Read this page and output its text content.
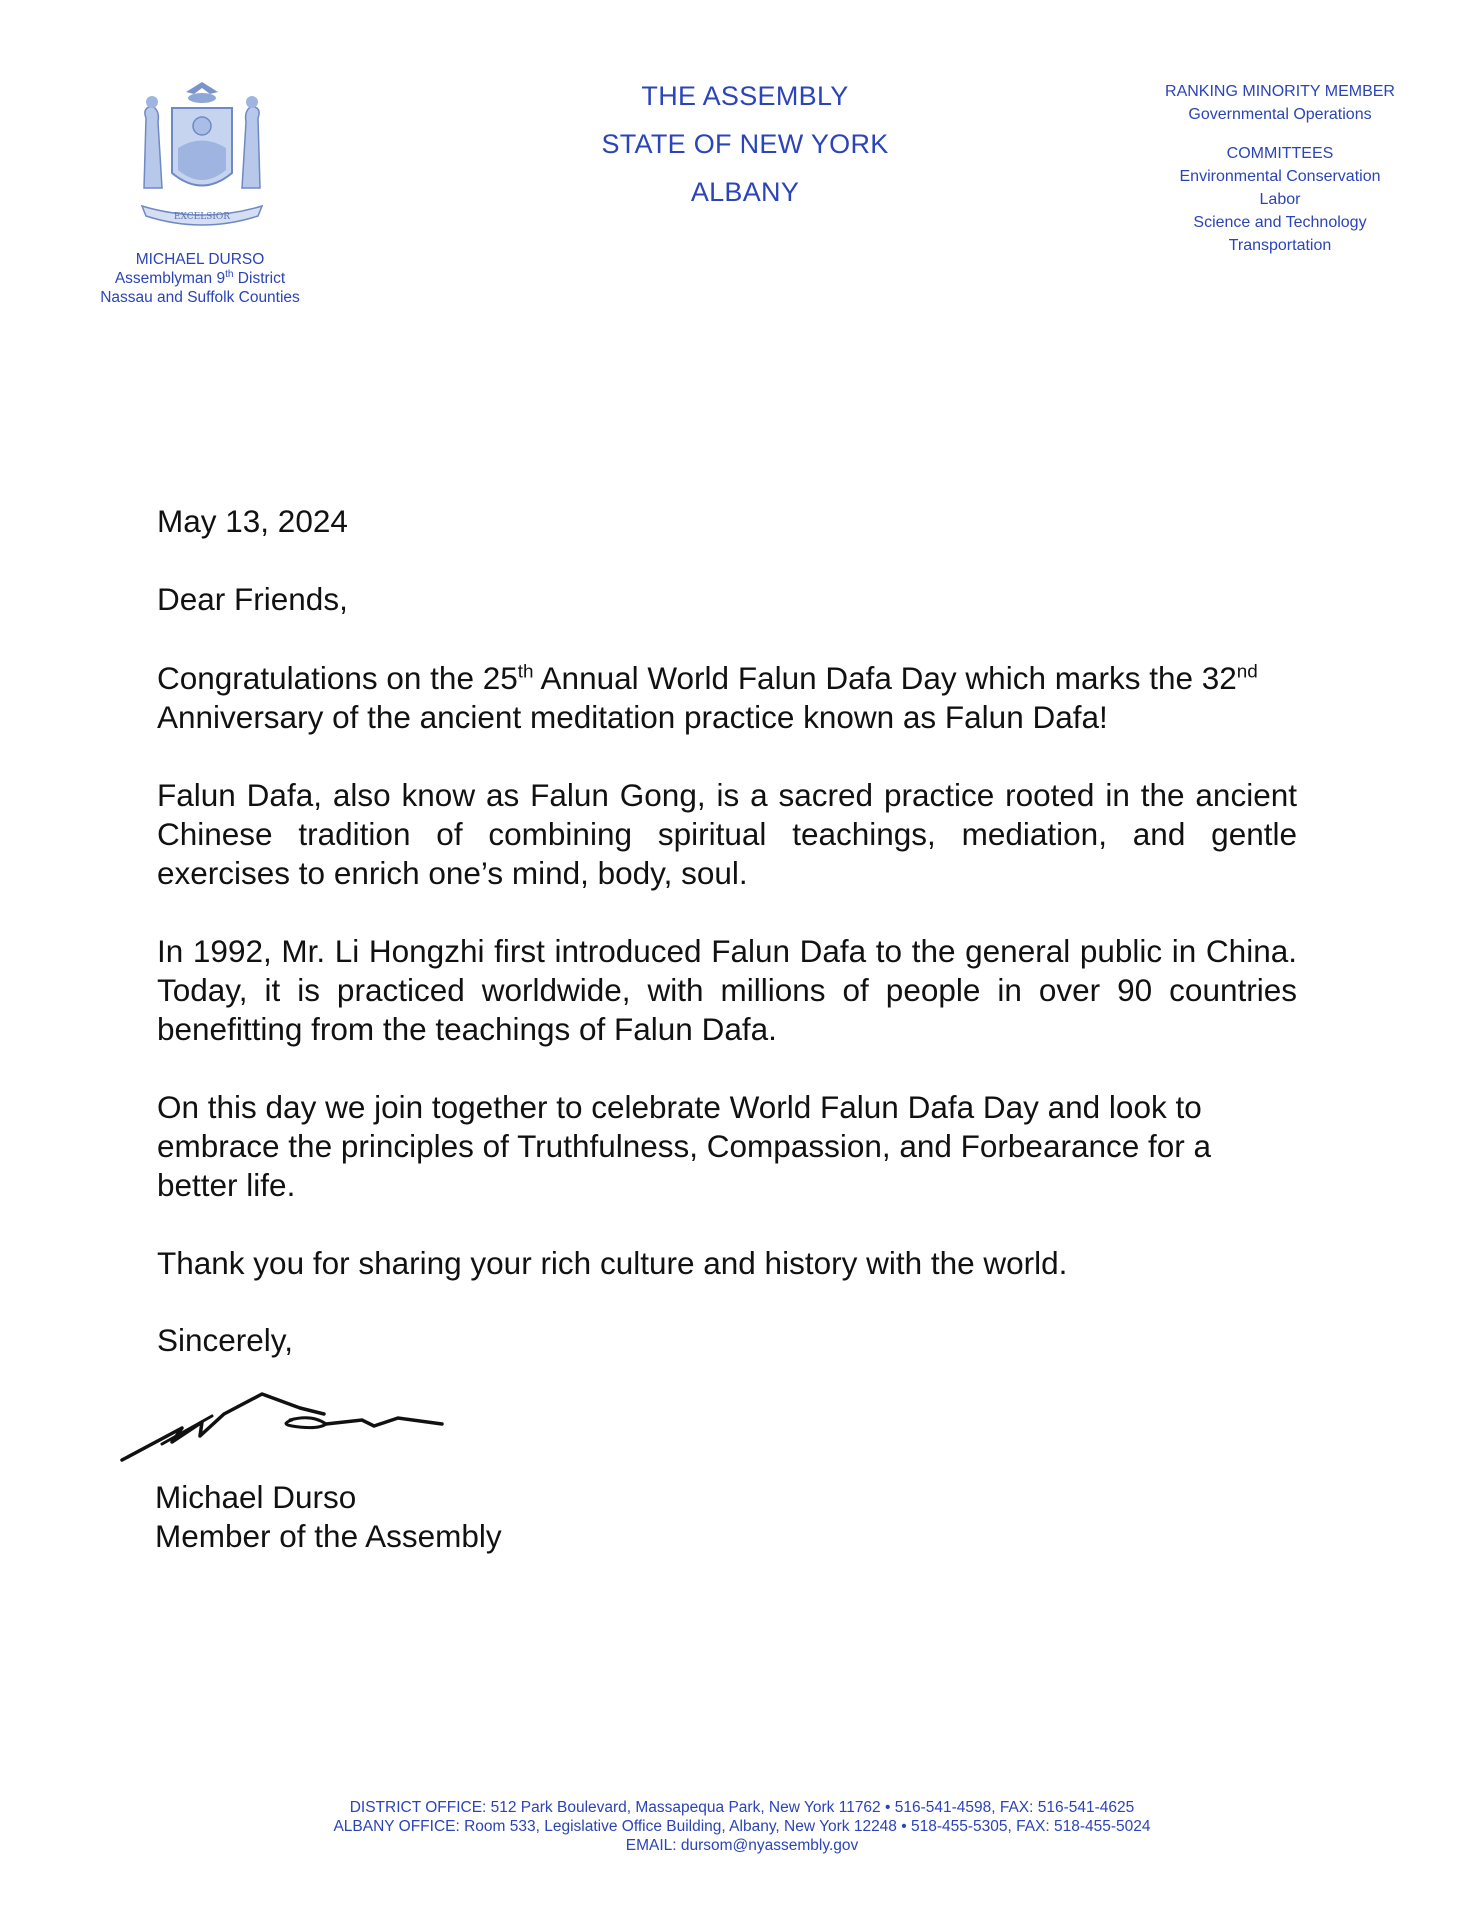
EXCELSIOR
MICHAEL DURSO
Assemblyman 9th District
Nassau and Suffolk Counties
THE ASSEMBLY
STATE OF NEW YORK
ALBANY
RANKING MINORITY MEMBER
Governmental Operations
COMMITTEES
Environmental Conservation
Labor
Science and Technology
Transportation
May 13, 2024
Dear Friends,
Congratulations on the 25th Annual World Falun Dafa Day which marks the 32nd Anniversary of the ancient meditation practice known as Falun Dafa!
Falun Dafa, also know as Falun Gong, is a sacred practice rooted in the ancient Chinese tradition of combining spiritual teachings, mediation, and gentle exercises to enrich one’s mind, body, soul.
In 1992, Mr. Li Hongzhi first introduced Falun Dafa to the general public in China. Today, it is practiced worldwide, with millions of people in over 90 countries benefitting from the teachings of Falun Dafa.
On this day we join together to celebrate World Falun Dafa Day and look to embrace the principles of Truthfulness, Compassion, and Forbearance for a better life.
Thank you for sharing your rich culture and history with the world.
Sincerely,
Michael Durso
Member of the Assembly
DISTRICT OFFICE: 512 Park Boulevard, Massapequa Park, New York 11762 • 516-541-4598, FAX: 516-541-4625
ALBANY OFFICE: Room 533, Legislative Office Building, Albany, New York 12248 • 518-455-5305, FAX: 518-455-5024
EMAIL: dursom@nyassembly.gov
